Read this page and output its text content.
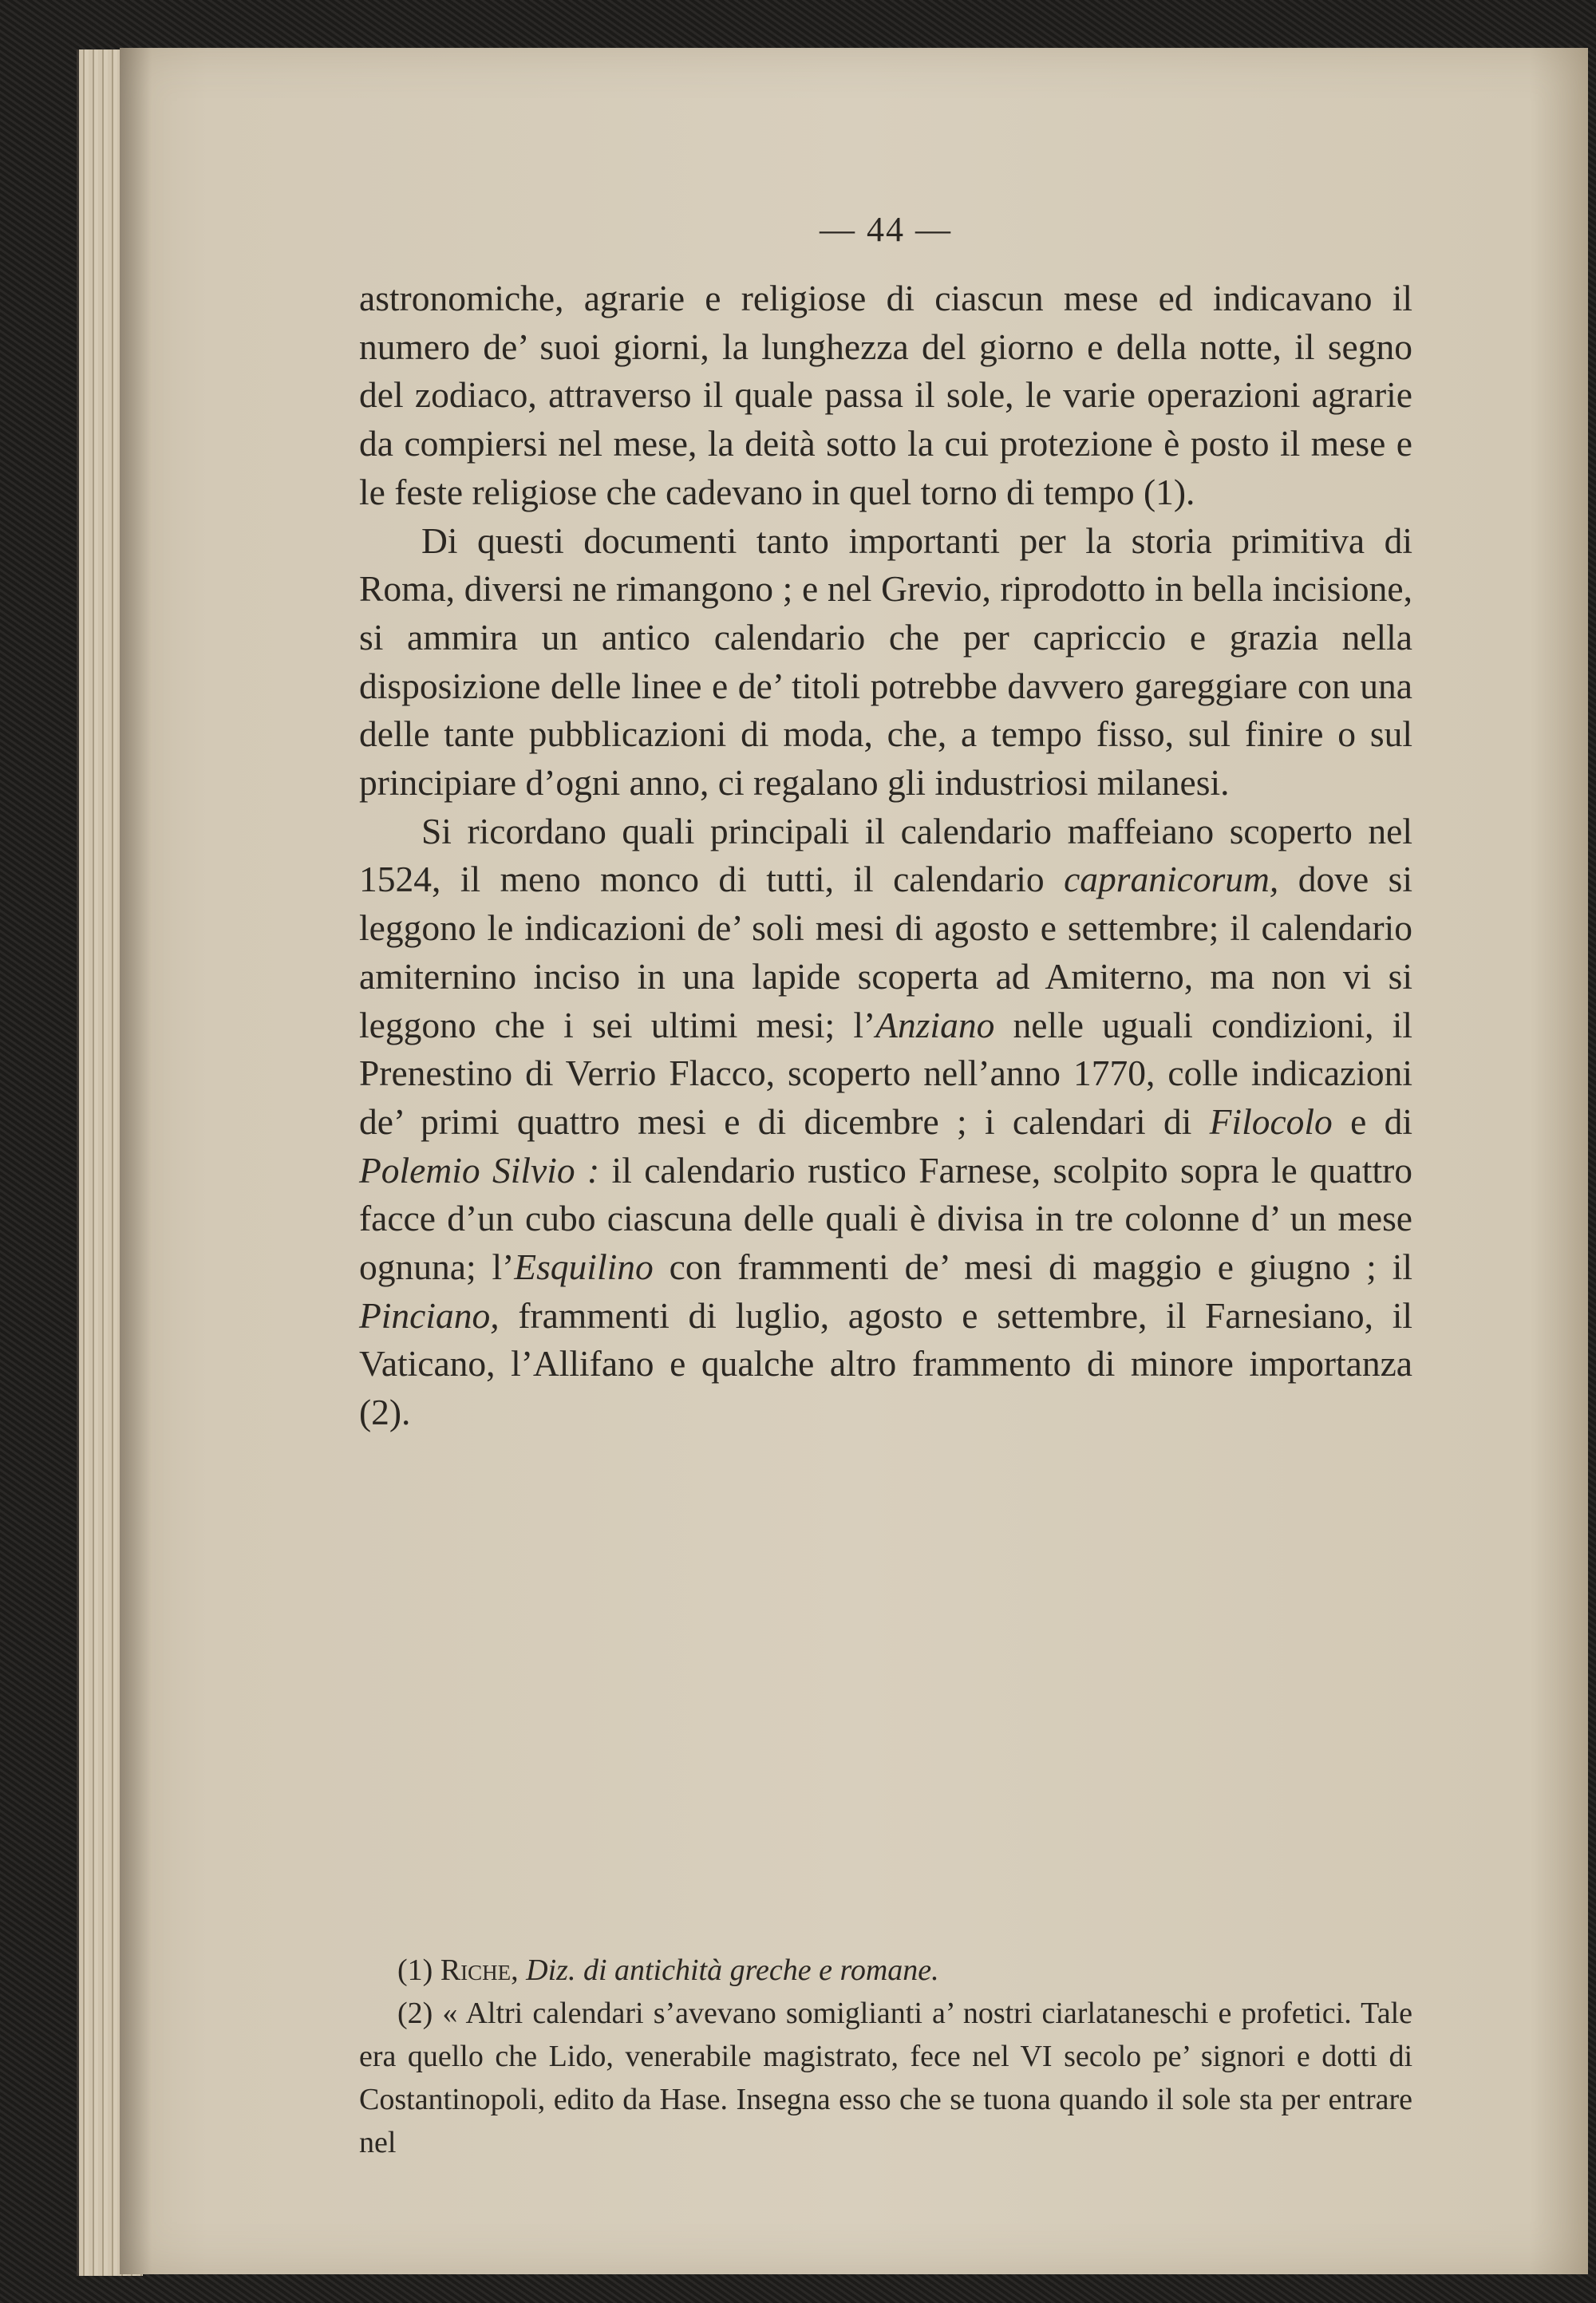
— 44 —

astronomiche, agrarie e religiose di ciascun mese ed indicavano il numero de’ suoi giorni, la lunghezza del giorno e della notte, il segno del zodiaco, attraverso il quale passa il sole, le varie operazioni agrarie da compiersi nel mese, la deità sotto la cui protezione è posto il mese e le feste religiose che cadevano in quel torno di tempo (1).

Di questi documenti tanto importanti per la storia primitiva di Roma, diversi ne rimangono ; e nel Grevio, riprodotto in bella incisione, si ammira un antico calendario che per capriccio e grazia nella disposizione delle linee e de’ titoli potrebbe davvero gareggiare con una delle tante pubblicazioni di moda, che, a tempo fisso, sul finire o sul principiare d’ogni anno, ci regalano gli industriosi milanesi.

Si ricordano quali principali il calendario maffeiano scoperto nel 1524, il meno monco di tutti, il calendario capranicorum, dove si leggono le indicazioni de’ soli mesi di agosto e settembre; il calendario amiternino inciso in una lapide scoperta ad Amiterno, ma non vi si leggono che i sei ultimi mesi; l’Anziano nelle uguali condizioni, il Prenestino di Verrio Flacco, scoperto nell’anno 1770, colle indicazioni de’ primi quattro mesi e di dicembre ; i calendari di Filocolo e di Polemio Silvio : il calendario rustico Farnese, scolpito sopra le quattro facce d’un cubo ciascuna delle quali è divisa in tre colonne d’ un mese ognuna; l’Esquilino con frammenti de’ mesi di maggio e giugno ; il Pinciano, frammenti di luglio, agosto e settembre, il Farnesiano, il Vaticano, l’Allifano e qualche altro frammento di minore importanza (2).

(1) Riche, Diz. di antichità greche e romane.

(2) « Altri calendari s’avevano somiglianti a’ nostri ciarlataneschi e profetici. Tale era quello che Lido, venerabile magistrato, fece nel VI secolo pe’ signori e dotti di Costantinopoli, edito da Hase. Insegna esso che se tuona quando il sole sta per entrare nel
